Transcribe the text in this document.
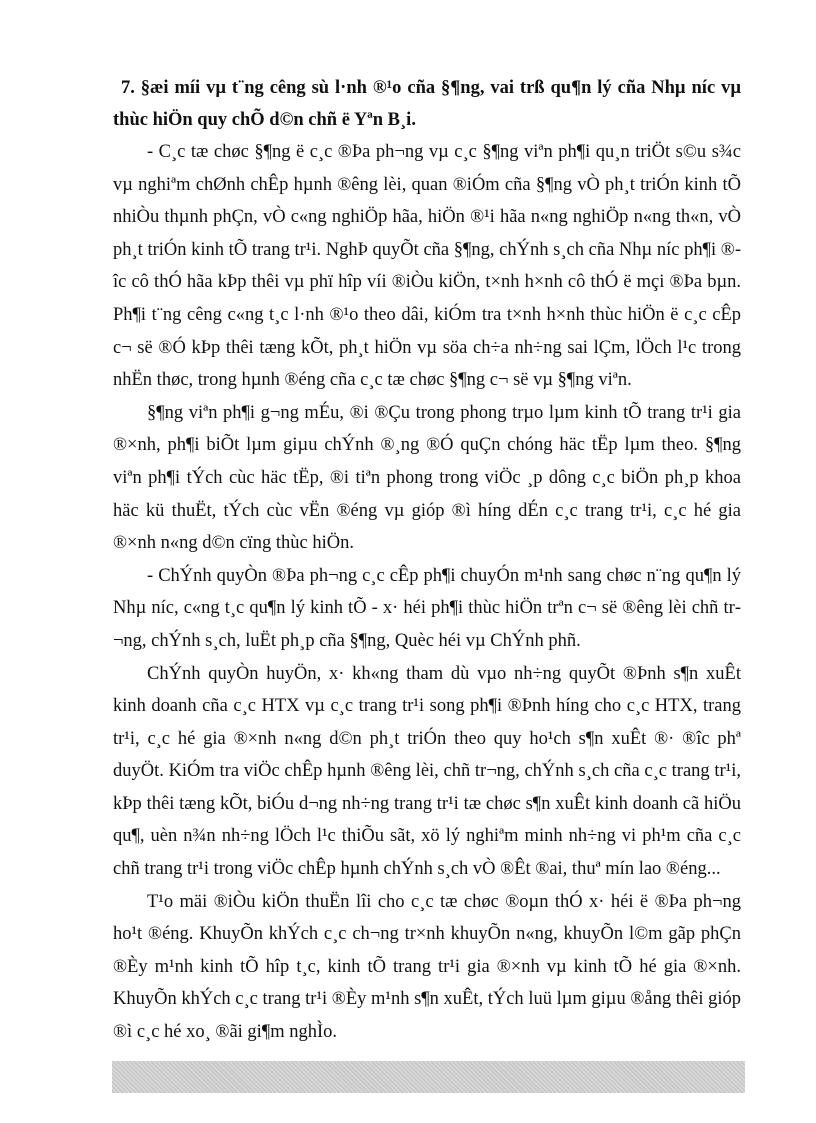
7. §æi míi vµ t¨ng cêng sù l·nh ®¹o cña §¶ng, vai trß qu¶n lý cña Nhµ níc vµ thùc hiÖn quy chÕ d©n chñ ë Yªn B¸i.

- C¸c tæ chøc §¶ng ë c¸c ®Þa ph¬ng vµ c¸c §¶ng viªn ph¶i qu¸n triÖt s©u s¾c vµ nghiªm chØnh chÊp hµnh ®êng lèi, quan ®iÓm cña §¶ng vÒ ph¸t triÓn kinh tÕ nhiÒu thµnh phÇn, vÒ c«ng nghiÖp hãa, hiÖn ®¹i hãa n«ng nghiÖp n«ng th«n, vÒ ph¸t triÓn kinh tÕ trang tr¹i. NghÞ quyÕt cña §¶ng, chÝnh s¸ch cña Nhµ níc ph¶i ®îc cô thÓ hãa kÞp thêi vµ phï hîp víi ®iÒu kiÖn, t×nh h×nh cô thÓ ë mçi ®Þa bµn. Ph¶i t¨ng cêng c«ng t¸c l·nh ®¹o theo dâi, kiÓm tra t×nh h×nh thùc hiÖn ë c¸c cÊp c¬ së ®Ó kÞp thêi tæng kÕt, ph¸t hiÖn vµ söa ch÷a nh÷ng sai lÇm, lÖch l¹c trong nhËn thøc, trong hµnh ®éng cña c¸c tæ chøc §¶ng c¬ së vµ §¶ng viªn.

§¶ng viªn ph¶i g¬ng mÉu, ®i ®Çu trong phong trµo lµm kinh tÕ trang tr¹i gia ®×nh, ph¶i biÕt lµm giµu chÝnh ®¸ng ®Ó quÇn chóng häc tËp lµm theo. §¶ng viªn ph¶i tÝch cùc häc tËp, ®i tiªn phong trong viÖc ¸p dông c¸c biÖn ph¸p khoa häc kü thuËt, tÝch cùc vËn ®éng vµ gióp ®ì híng dÉn c¸c trang tr¹i, c¸c hé gia ®×nh n«ng d©n cïng thùc hiÖn.

- ChÝnh quyÒn ®Þa ph¬ng c¸c cÊp ph¶i chuyÓn m¹nh sang chøc n¨ng qu¶n lý Nhµ níc, c«ng t¸c qu¶n lý kinh tÕ - x· héi ph¶i thùc hiÖn trªn c¬ së ®êng lèi chñ tr¬ng, chÝnh s¸ch, luËt ph¸p cña §¶ng, Quèc héi vµ ChÝnh phñ.

ChÝnh quyÒn huyÖn, x· kh«ng tham dù vµo nh÷ng quyÕt ®Þnh s¶n xuÊt kinh doanh cña c¸c HTX vµ c¸c trang tr¹i song ph¶i ®Þnh híng cho c¸c HTX, trang tr¹i, c¸c hé gia ®×nh n«ng d©n ph¸t triÓn theo quy ho¹ch s¶n xuÊt ®· ®îc phª duyÖt. KiÓm tra viÖc chÊp hµnh ®êng lèi, chñ tr¬ng, chÝnh s¸ch cña c¸c trang tr¹i, kÞp thêi tæng kÕt, biÓu d¬ng nh÷ng trang tr¹i tæ chøc s¶n xuÊt kinh doanh cã hiÖu qu¶, uèn n¾n nh÷ng lÖch l¹c thiÕu sãt, xö lý nghiªm minh nh÷ng vi ph¹m cña c¸c chñ trang tr¹i trong viÖc chÊp hµnh chÝnh s¸ch vÒ ®Êt ®ai, thuª mín lao ®éng...

T¹o mäi ®iÒu kiÖn thuËn lîi cho c¸c tæ chøc ®oµn thÓ x· héi ë ®Þa ph¬ng ho¹t ®éng. KhuyÕn khÝch c¸c ch¬ng tr×nh khuyÕn n«ng, khuyÕn l©m gãp phÇn ®Èy m¹nh kinh tÕ hîp t¸c, kinh tÕ trang tr¹i gia ®×nh vµ kinh tÕ hé gia ®×nh. KhuyÕn khÝch c¸c trang tr¹i ®Èy m¹nh s¶n xuÊt, tÝch luü lµm giµu ®ång thêi gióp ®ì c¸c hé xo¸ ®ãi gi¶m nghÌo.
